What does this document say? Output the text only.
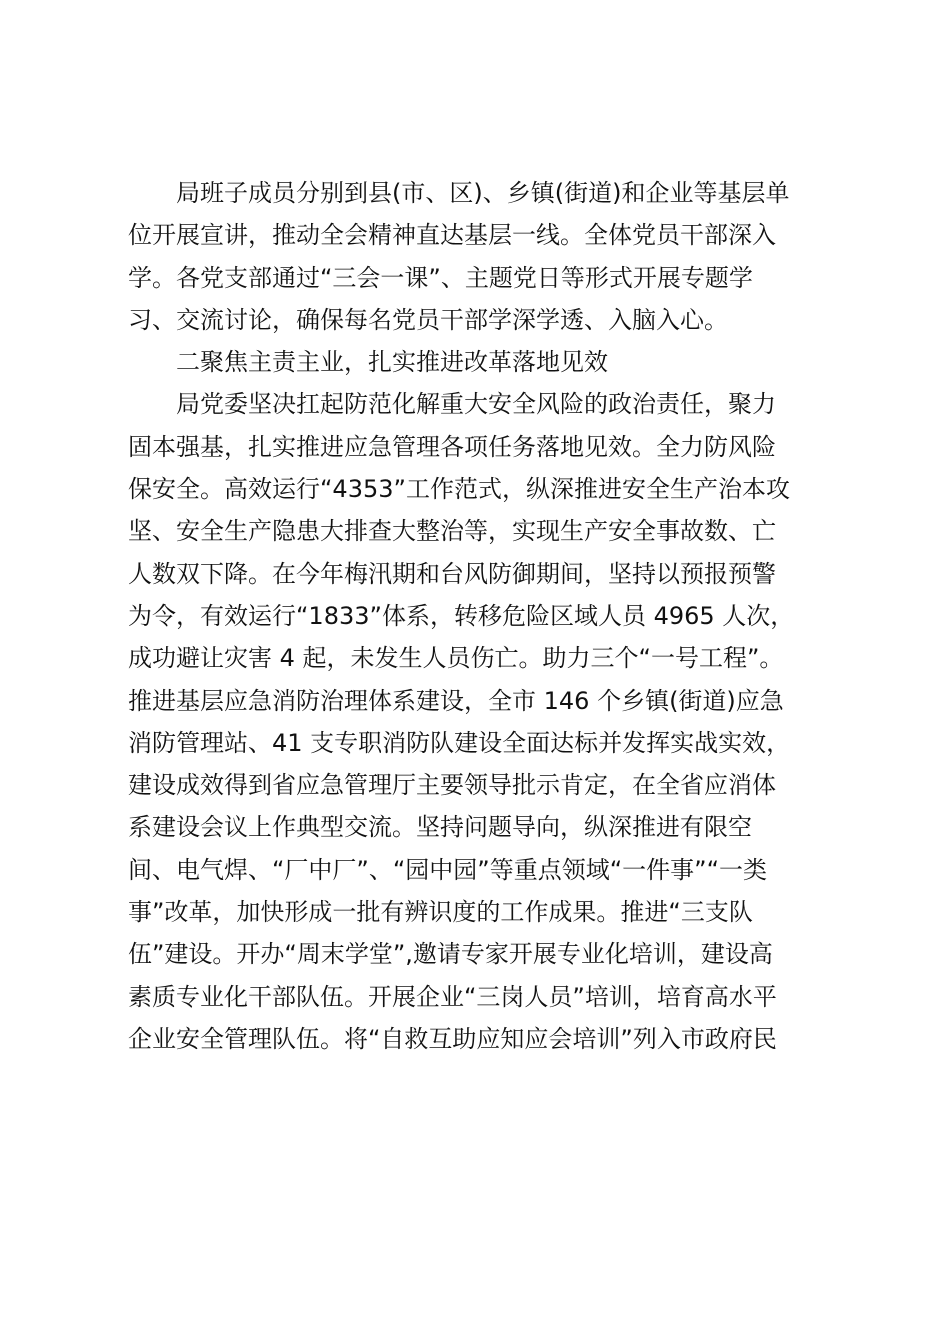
局班子成员分别到县(市、区)、乡镇(街道)和企业等基层单
位开展宣讲，推动全会精神直达基层一线。全体党员干部深入
学。各党支部通过“三会一课”、主题党日等形式开展专题学
习、交流讨论，确保每名党员干部学深学透、入脑入心。
二聚焦主责主业，扎实推进改革落地见效
局党委坚决扛起防范化解重大安全风险的政治责任，聚力
固本强基，扎实推进应急管理各项任务落地见效。全力防风险
保安全。高效运行“4353”工作范式，纵深推进安全生产治本攻
坚、安全生产隐患大排查大整治等，实现生产安全事故数、亡
人数双下降。在今年梅汛期和台风防御期间，坚持以预报预警
为令，有效运行“1833”体系，转移危险区域人员 4965 人次，
成功避让灾害 4 起，未发生人员伤亡。助力三个“一号工程”。
推进基层应急消防治理体系建设，全市 146 个乡镇(街道)应急
消防管理站、41 支专职消防队建设全面达标并发挥实战实效，
建设成效得到省应急管理厅主要领导批示肯定，在全省应消体
系建设会议上作典型交流。坚持问题导向，纵深推进有限空
间、电气焊、“厂中厂”、“园中园”等重点领域“一件事”“一类
事”改革，加快形成一批有辨识度的工作成果。推进“三支队
伍”建设。开办“周末学堂”,邀请专家开展专业化培训，建设高
素质专业化干部队伍。开展企业“三岗人员”培训，培育高水平
企业安全管理队伍。将“自救互助应知应会培训”列入市政府民
